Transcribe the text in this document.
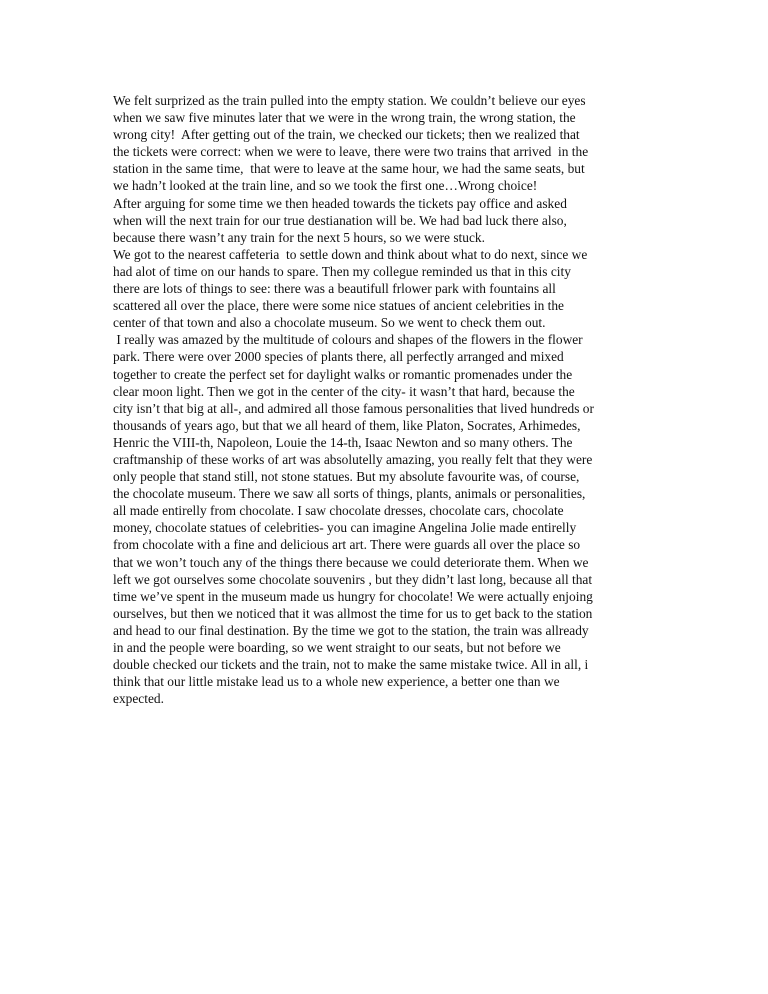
We felt surprized as the train pulled into the empty station. We couldn’t believe our eyes
when we saw five minutes later that we were in the wrong train, the wrong station, the
wrong city!  After getting out of the train, we checked our tickets; then we realized that
the tickets were correct: when we were to leave, there were two trains that arrived  in the
station in the same time,  that were to leave at the same hour, we had the same seats, but
we hadn’t looked at the train line, and so we took the first one…Wrong choice!
After arguing for some time we then headed towards the tickets pay office and asked
when will the next train for our true destianation will be. We had bad luck there also,
because there wasn’t any train for the next 5 hours, so we were stuck.
We got to the nearest caffeteria  to settle down and think about what to do next, since we
had alot of time on our hands to spare. Then my collegue reminded us that in this city
there are lots of things to see: there was a beautifull frlower park with fountains all
scattered all over the place, there were some nice statues of ancient celebrities in the
center of that town and also a chocolate museum. So we went to check them out.
I really was amazed by the multitude of colours and shapes of the flowers in the flower
park. There were over 2000 species of plants there, all perfectly arranged and mixed
together to create the perfect set for daylight walks or romantic promenades under the
clear moon light. Then we got in the center of the city- it wasn’t that hard, because the
city isn’t that big at all-, and admired all those famous personalities that lived hundreds or
thousands of years ago, but that we all heard of them, like Platon, Socrates, Arhimedes,
Henric the VIII-th, Napoleon, Louie the 14-th, Isaac Newton and so many others. The
craftmanship of these works of art was absolutelly amazing, you really felt that they were
only people that stand still, not stone statues. But my absolute favourite was, of course,
the chocolate museum. There we saw all sorts of things, plants, animals or personalities,
all made entirelly from chocolate. I saw chocolate dresses, chocolate cars, chocolate
money, chocolate statues of celebrities- you can imagine Angelina Jolie made entirelly
from chocolate with a fine and delicious art art. There were guards all over the place so
that we won’t touch any of the things there because we could deteriorate them. When we
left we got ourselves some chocolate souvenirs , but they didn’t last long, because all that
time we’ve spent in the museum made us hungry for chocolate! We were actually enjoing
ourselves, but then we noticed that it was allmost the time for us to get back to the station
and head to our final destination. By the time we got to the station, the train was allready
in and the people were boarding, so we went straight to our seats, but not before we
double checked our tickets and the train, not to make the same mistake twice. All in all, i
think that our little mistake lead us to a whole new experience, a better one than we
expected.
